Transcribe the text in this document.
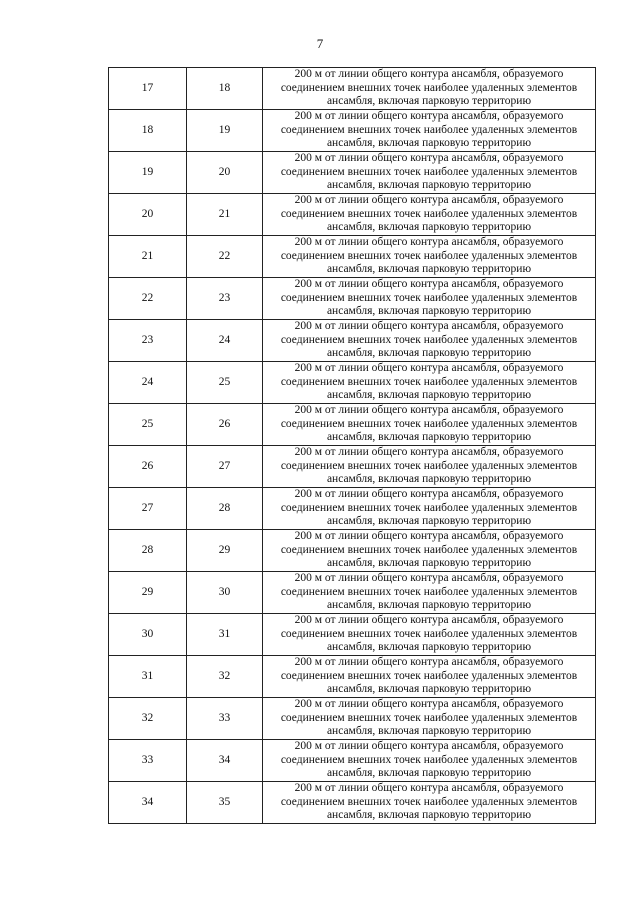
7
17	18	200 м от линии общего контура ансамбля, образуемого
соединением внешних точек наиболее удаленных элементов
ансамбля, включая парковую территорию

18	19	200 м от линии общего контура ансамбля, образуемого
соединением внешних точек наиболее удаленных элементов
ансамбля, включая парковую территорию

19	20	200 м от линии общего контура ансамбля, образуемого
соединением внешних точек наиболее удаленных элементов
ансамбля, включая парковую территорию

20	21	200 м от линии общего контура ансамбля, образуемого
соединением внешних точек наиболее удаленных элементов
ансамбля, включая парковую территорию

21	22	200 м от линии общего контура ансамбля, образуемого
соединением внешних точек наиболее удаленных элементов
ансамбля, включая парковую территорию

22	23	200 м от линии общего контура ансамбля, образуемого
соединением внешних точек наиболее удаленных элементов
ансамбля, включая парковую территорию

23	24	200 м от линии общего контура ансамбля, образуемого
соединением внешних точек наиболее удаленных элементов
ансамбля, включая парковую территорию

24	25	200 м от линии общего контура ансамбля, образуемого
соединением внешних точек наиболее удаленных элементов
ансамбля, включая парковую территорию

25	26	200 м от линии общего контура ансамбля, образуемого
соединением внешних точек наиболее удаленных элементов
ансамбля, включая парковую территорию

26	27	200 м от линии общего контура ансамбля, образуемого
соединением внешних точек наиболее удаленных элементов
ансамбля, включая парковую территорию

27	28	200 м от линии общего контура ансамбля, образуемого
соединением внешних точек наиболее удаленных элементов
ансамбля, включая парковую территорию

28	29	200 м от линии общего контура ансамбля, образуемого
соединением внешних точек наиболее удаленных элементов
ансамбля, включая парковую территорию

29	30	200 м от линии общего контура ансамбля, образуемого
соединением внешних точек наиболее удаленных элементов
ансамбля, включая парковую территорию

30	31	200 м от линии общего контура ансамбля, образуемого
соединением внешних точек наиболее удаленных элементов
ансамбля, включая парковую территорию

31	32	200 м от линии общего контура ансамбля, образуемого
соединением внешних точек наиболее удаленных элементов
ансамбля, включая парковую территорию

32	33	200 м от линии общего контура ансамбля, образуемого
соединением внешних точек наиболее удаленных элементов
ансамбля, включая парковую территорию

33	34	200 м от линии общего контура ансамбля, образуемого
соединением внешних точек наиболее удаленных элементов
ансамбля, включая парковую территорию

34	35	200 м от линии общего контура ансамбля, образуемого
соединением внешних точек наиболее удаленных элементов
ансамбля, включая парковую территорию
